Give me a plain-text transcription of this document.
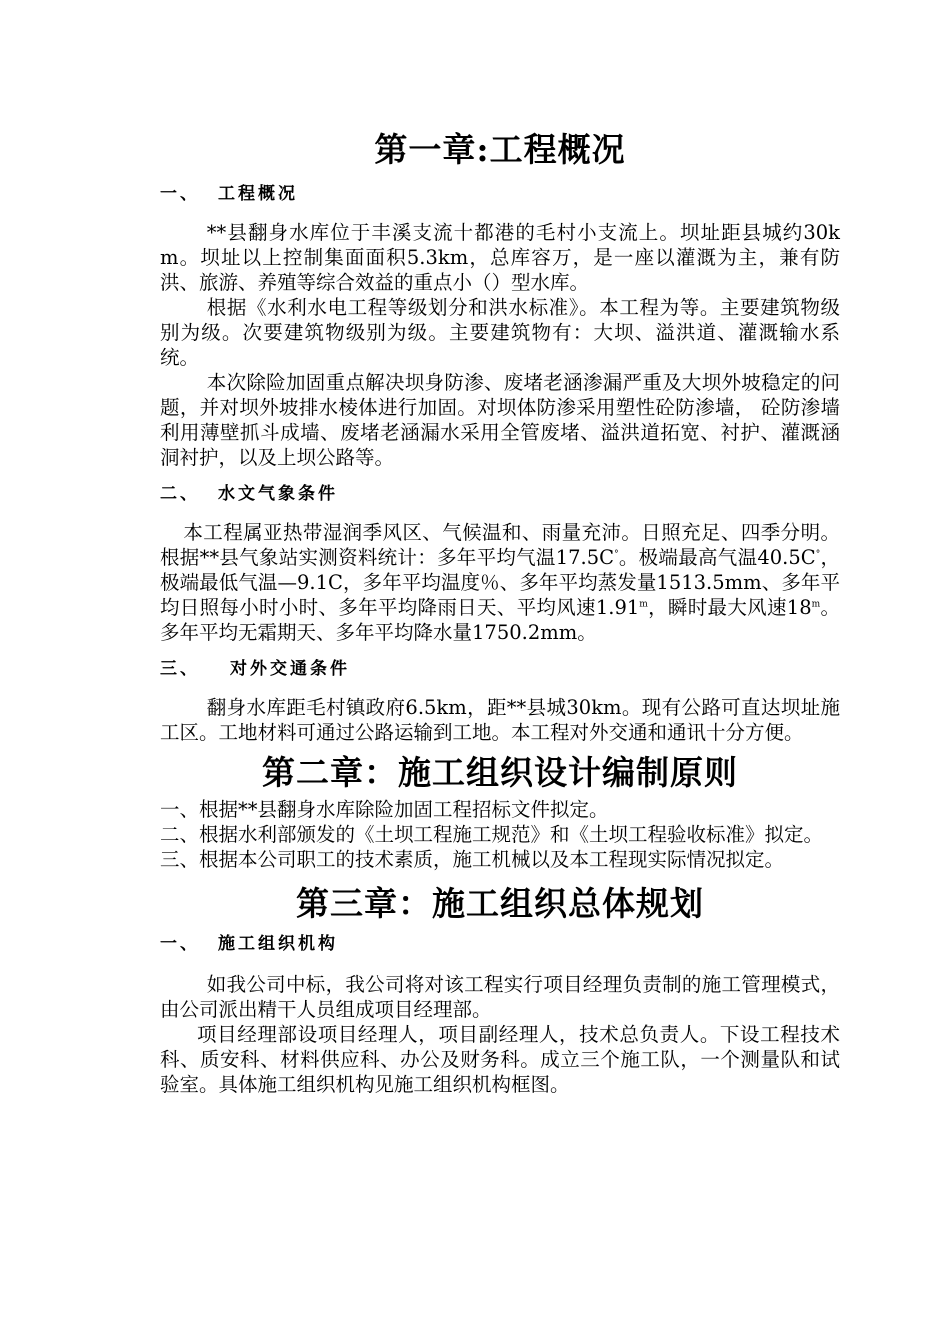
第一章:工程概况
一、 工程概况

**县翻身水库位于丰溪支流十都港的毛村小支流上。坝址距县城约30km。坝址以上控制集面面积5.3km，总库容万，是一座以灌溉为主，兼有防洪、旅游、养殖等综合效益的重点小（）型水库。

根据《水利水电工程等级划分和洪水标准》。本工程为等。主要建筑物级别为级。次要建筑物级别为级。主要建筑物有：大坝、溢洪道、灌溉输水系统。

本次除险加固重点解决坝身防渗、废堵老涵渗漏严重及大坝外坡稳定的问题，并对坝外坡排水棱体进行加固。对坝体防渗采用塑性砼防渗墙， 砼防渗墙利用薄壁抓斗成墙、废堵老涵漏水采用全管废堵、溢洪道拓宽、衬护、灌溉涵洞衬护，以及上坝公路等。

二、 水文气象条件

本工程属亚热带湿润季风区、气候温和、雨量充沛。日照充足、四季分明。根据**县气象站实测资料统计：多年平均气温17.5C°。极端最高气温40.5C°，极端最低气温—9.1C，多年平均温度％、多年平均蒸发量1513.5mm、多年平均日照每小时小时、多年平均降雨日天、平均风速1.91$^m$，瞬时最大风速18$^m$。多年平均无霜期天、多年平均降水量1750.2mm。

三、 对外交通条件

翻身水库距毛村镇政府6.5km，距**县城30km。现有公路可直达坝址施工区。工地材料可通过公路运输到工地。本工程对外交通和通讯十分方便。

第二章：施工组织设计编制原则

一、根据**县翻身水库除险加固工程招标文件拟定。

二、根据水利部颁发的《土坝工程施工规范》和《土坝工程验收标准》拟定。

三、根据本公司职工的技术素质，施工机械以及本工程现实际情况拟定。

第三章：施工组织总体规划
一、 施工组织机构

如我公司中标，我公司将对该工程实行项目经理负责制的施工管理模式，由公司派出精干人员组成项目经理部。

项目经理部设项目经理人，项目副经理人，技术总负责人。下设工程技术科、质安科、材料供应科、办公及财务科。成立三个施工队，一个测量队和试验室。具体施工组织机构见施工组织机构框图。
